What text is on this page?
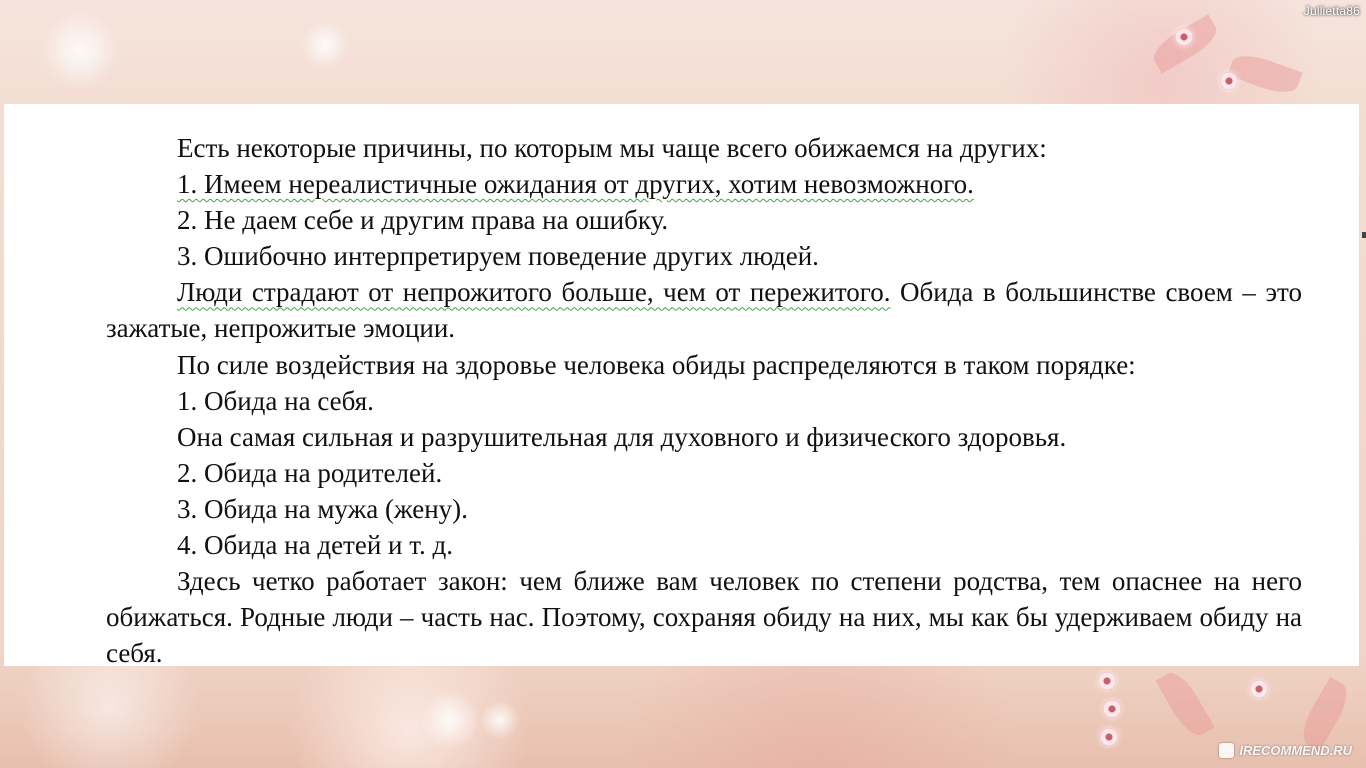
Jullietta86

Есть некоторые причины, по которым мы чаще всего обижаемся на других:

1. Имеем нереалистичные ожидания от других, хотим невозможного.

2. Не даем себе и другим права на ошибку.

3. Ошибочно интерпретируем поведение других людей.

Люди страдают от непрожитого больше, чем от пережитого. Обида в большинстве своем – это зажатые, непрожитые эмоции.

По силе воздействия на здоровье человека обиды распределяются в таком порядке:

1. Обида на себя.

Она самая сильная и разрушительная для духовного и физического здоровья.

2. Обида на родителей.

3. Обида на мужа (жену).

4. Обида на детей и т. д.

Здесь четко работает закон: чем ближе вам человек по степени родства, тем опаснее на него обижаться. Родные люди – часть нас. Поэтому, сохраняя обиду на них, мы как бы удерживаем обиду на себя.

IRECOMMEND.RU
